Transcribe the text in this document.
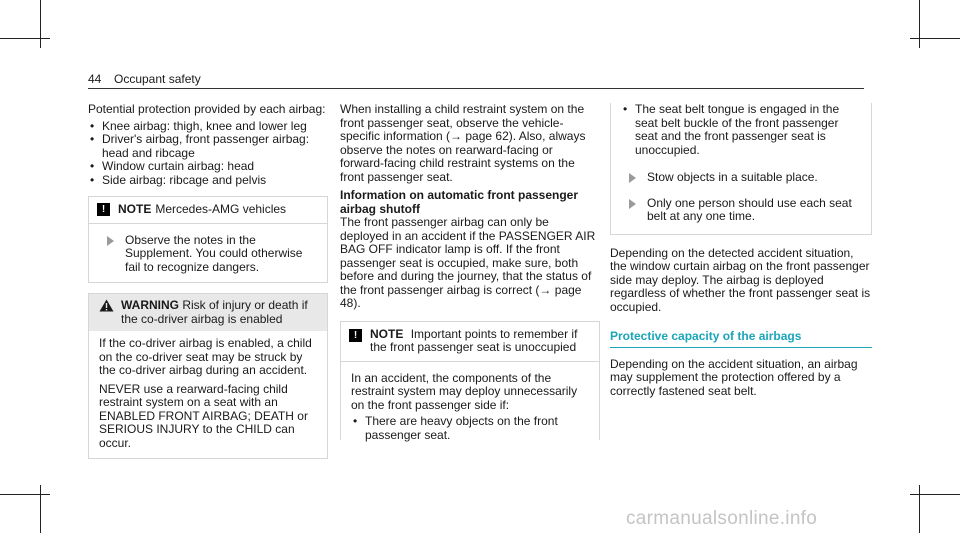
44 Occupant safety

Potential protection provided by each airbag:

• Knee airbag: thigh, knee and lower leg
• Driver's airbag, front passenger airbag: head and ribcage
• Window curtain airbag: head
• Side airbag: ribcage and pelvis
!	NOTE Mercedes-AMG vehicles
Observe the notes in the Supplement. You could otherwise fail to recognize dangers.
WARNING Risk of injury or death if the co-driver airbag is enabled

If the co-driver airbag is enabled, a child on the co-driver seat may be struck by the co-driver airbag during an accident.

NEVER use a rearward-facing child restraint system on a seat with an ENABLED FRONT AIRBAG; DEATH or SERIOUS INJURY to the CHILD can occur.

When installing a child restraint system on the front passenger seat, observe the vehicle-specific information (→ page 62). Also, always observe the notes on rearward-facing or forward-facing child restraint systems on the front passenger seat.

Information on automatic front passenger airbag shutoff

The front passenger airbag can only be deployed in an accident if the PASSENGER AIR BAG OFF indicator lamp is off. If the front passenger seat is occupied, make sure, both before and during the journey, that the status of the front passenger airbag is correct (→ page 48).

!	NOTE Important points to remember if the front passenger seat is unoccupied

In an accident, the components of the restraint system may deploy unnecessarily on the front passenger side if:

• There are heavy objects on the front passenger seat.
• The seat belt tongue is engaged in the seat belt buckle of the front passenger seat and the front passenger seat is unoccupied.
Stow objects in a suitable place.
Only one person should use each seat belt at any one time.

Depending on the detected accident situation, the window curtain airbag on the front passenger side may deploy. The airbag is deployed regardless of whether the front passenger seat is occupied.

Protective capacity of the airbags

Depending on the accident situation, an airbag may supplement the protection offered by a correctly fastened seat belt.

carmanualsonline.info
